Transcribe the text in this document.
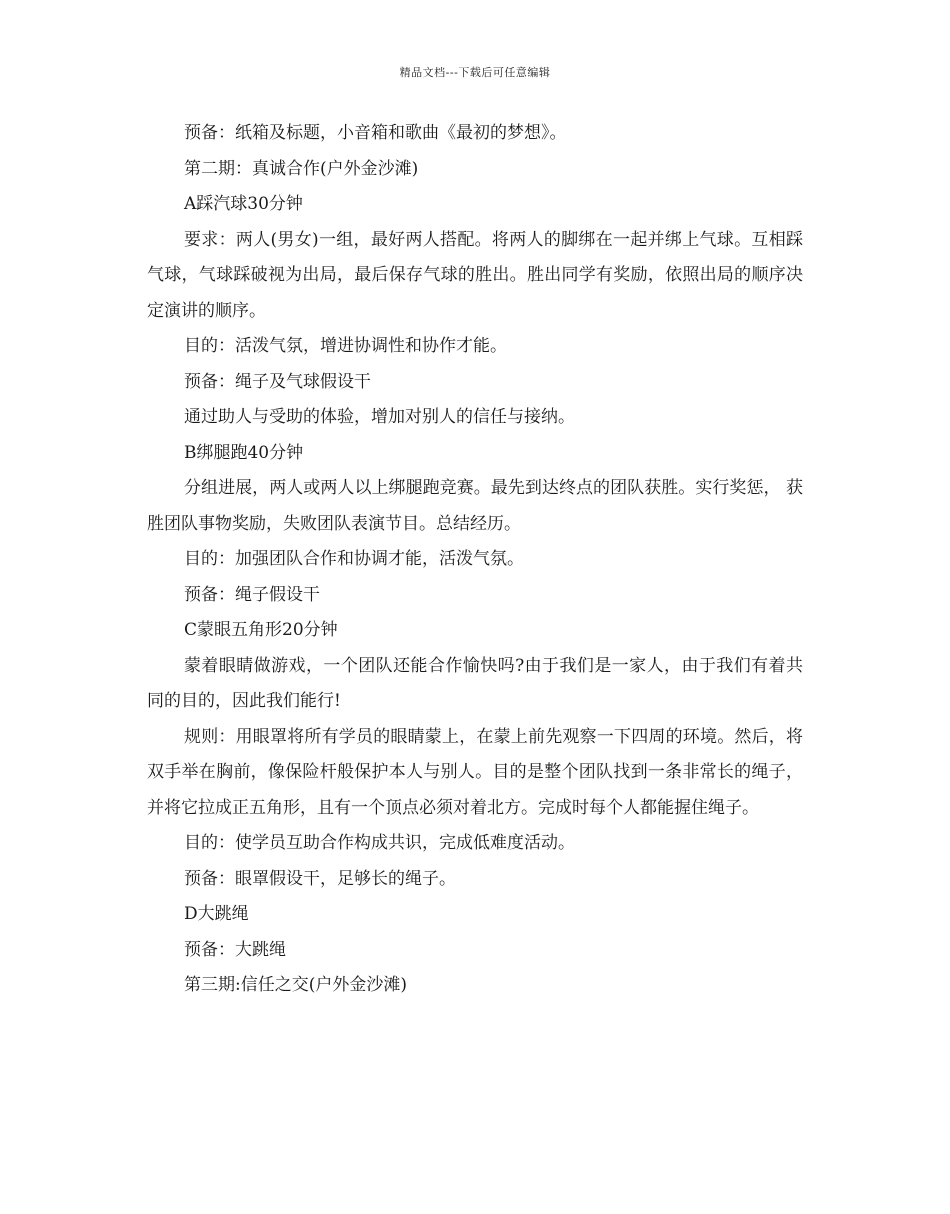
精品文档---下载后可任意编辑

预备：纸箱及标题，小音箱和歌曲《最初的梦想》。

第二期：真诚合作(户外金沙滩)

A踩汽球30分钟

要求：两人(男女)一组，最好两人搭配。将两人的脚绑在一起并绑上气球。互相踩气球，气球踩破视为出局，最后保存气球的胜出。胜出同学有奖励，依照出局的顺序决定演讲的顺序。

目的：活泼气氛，增进协调性和协作才能。

预备：绳子及气球假设干

通过助人与受助的体验，增加对别人的信任与接纳。

B绑腿跑40分钟

分组进展，两人或两人以上绑腿跑竞赛。最先到达终点的团队获胜。实行奖惩， 获胜团队事物奖励，失败团队表演节目。总结经历。

目的：加强团队合作和协调才能，活泼气氛。

预备：绳子假设干

C蒙眼五角形20分钟

蒙着眼睛做游戏，一个团队还能合作愉快吗?由于我们是一家人，由于我们有着共同的目的，因此我们能行!

规则：用眼罩将所有学员的眼睛蒙上，在蒙上前先观察一下四周的环境。然后，将双手举在胸前，像保险杆般保护本人与别人。目的是整个团队找到一条非常长的绳子，并将它拉成正五角形，且有一个顶点必须对着北方。完成时每个人都能握住绳子。

目的：使学员互助合作构成共识，完成低难度活动。

预备：眼罩假设干，足够长的绳子。

D大跳绳

预备：大跳绳

第三期:信任之交(户外金沙滩)
